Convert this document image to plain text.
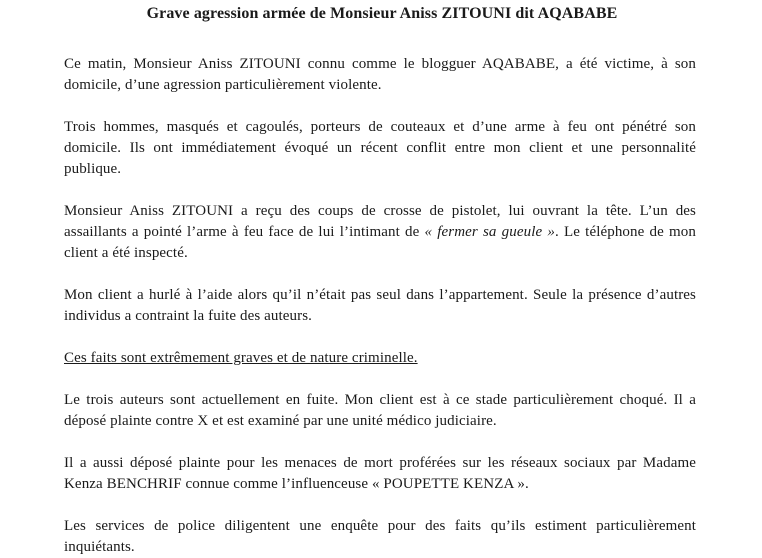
Grave agression armée de Monsieur Aniss ZITOUNI dit AQABABE

Ce matin, Monsieur Aniss ZITOUNI connu comme le blogguer AQABABE, a été victime, à son domicile, d’une agression particulièrement violente.

Trois hommes, masqués et cagoulés, porteurs de couteaux et d’une arme à feu ont pénétré son domicile. Ils ont immédiatement évoqué un récent conflit entre mon client et une personnalité publique.

Monsieur Aniss ZITOUNI a reçu des coups de crosse de pistolet, lui ouvrant la tête. L’un des assaillants a pointé l’arme à feu face de lui l’intimant de « fermer sa gueule ». Le téléphone de mon client a été inspecté.

Mon client a hurlé à l’aide alors qu’il n’était pas seul dans l’appartement. Seule la présence d’autres individus a contraint la fuite des auteurs.

Ces faits sont extrêmement graves et de nature criminelle.

Le trois auteurs sont actuellement en fuite. Mon client est à ce stade particulièrement choqué. Il a déposé plainte contre X et est examiné par une unité médico judiciaire.

Il a aussi déposé plainte pour les menaces de mort proférées sur les réseaux sociaux par Madame Kenza BENCHRIF connue comme l’influenceuse « POUPETTE KENZA ».

Les services de police diligentent une enquête pour des faits qu’ils estiment particulièrement inquiétants.
